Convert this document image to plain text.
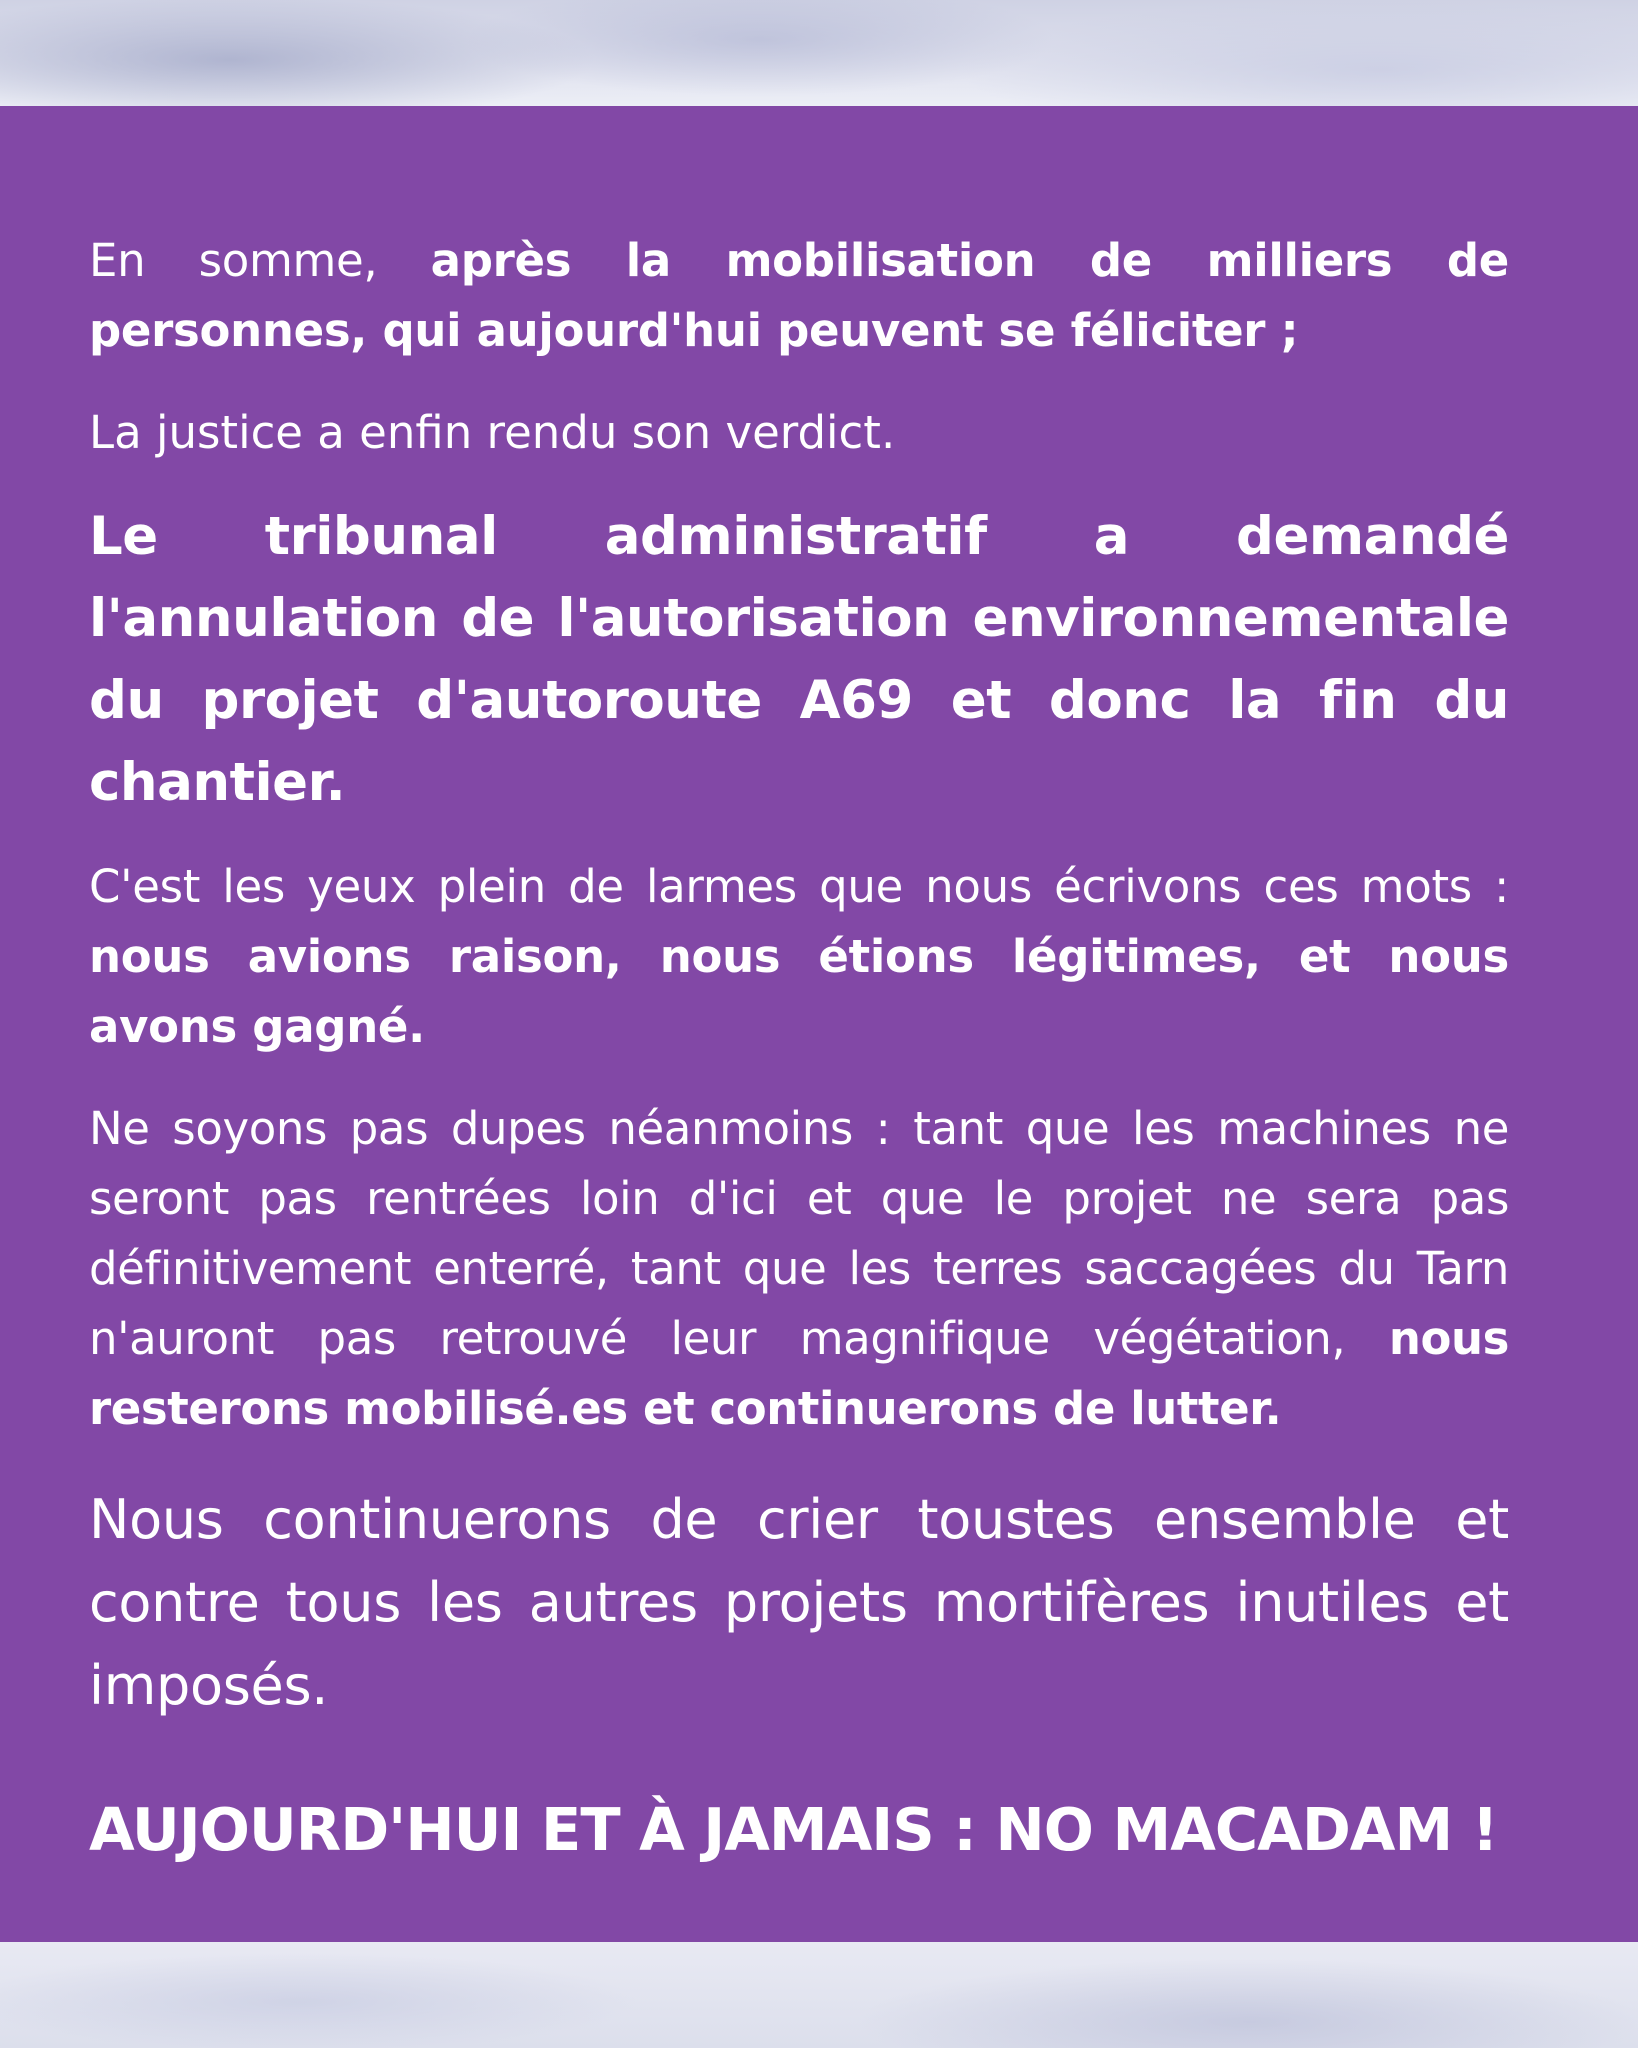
En somme, après la mobilisation de milliers de personnes, qui aujourd'hui peuvent se féliciter ;

La justice a enfin rendu son verdict.

Le tribunal administratif a demandé l'annulation de l'autorisation environnementale du projet d'autoroute A69 et donc la fin du chantier.

C'est les yeux plein de larmes que nous écrivons ces mots : nous avions raison, nous étions légitimes, et nous avons gagné.

Ne soyons pas dupes néanmoins : tant que les machines ne seront pas rentrées loin d'ici et que le projet ne sera pas définitivement enterré, tant que les terres saccagées du Tarn n'auront pas retrouvé leur magnifique végétation, nous resterons mobilisé.es et continuerons de lutter.

Nous continuerons de crier toustes ensemble et contre tous les autres projets mortifères inutiles et imposés.

AUJOURD'HUI ET À JAMAIS : NO MACADAM !
